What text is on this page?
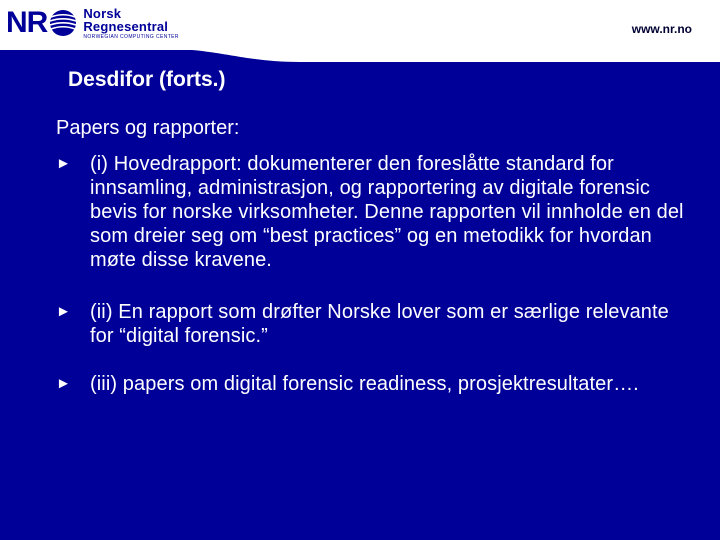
NR	Norsk
Regnesentral
NORWEGIAN COMPUTING CENTER
www.nr.no
Desdifor (forts.)

Papers og rapporter:

► (i) Hovedrapport: dokumenterer den foreslåtte standard for innsamling, administrasjon, og rapportering av digitale forensic bevis for norske virksomheter. Denne rapporten vil innholde en del som dreier seg om “best practices” og en metodikk for hvordan møte disse kravene.
► (ii) En rapport som drøfter Norske lover som er særlige relevante for “digital forensic.”
► (iii) papers om digital forensic readiness, prosjektresultater….
